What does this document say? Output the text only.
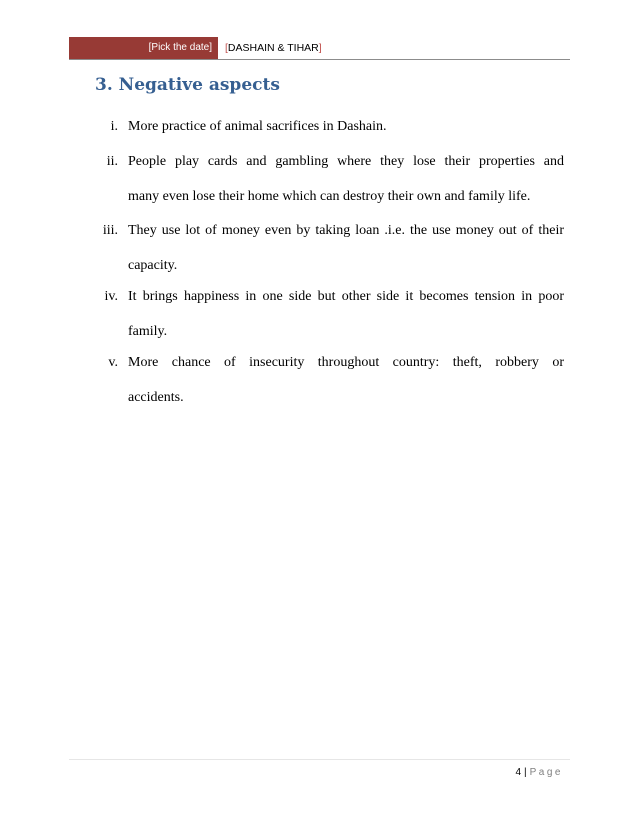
[Pick the date]	[DASHAIN & TIHAR]
3. Negative aspects
i. More practice of animal sacrifices in Dashain.
ii. People play cards and gambling where they lose their properties and
many even lose their home which can destroy their own and family life.
iii. They use lot of money even by taking loan .i.e. the use money out of their
capacity.
iv. It brings happiness in one side but other side it becomes tension in poor
family.
v. More chance of insecurity throughout country: theft, robbery or
accidents.
4 | Page
